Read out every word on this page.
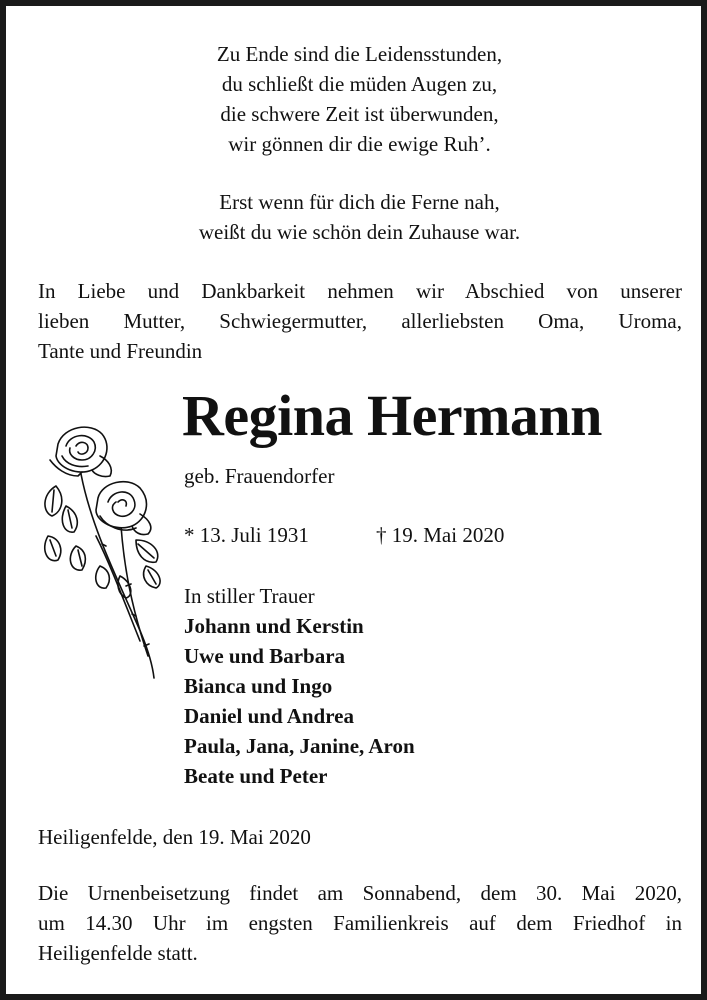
Zu Ende sind die Leidensstunden,
du schließt die müden Augen zu,
die schwere Zeit ist überwunden,
wir gönnen dir die ewige Ruh’.
Erst wenn für dich die Ferne nah,
weißt du wie schön dein Zuhause war.
In Liebe und Dankbarkeit nehmen wir Abschied von unserer
lieben Mutter, Schwiegermutter, allerliebsten Oma, Uroma,
Tante und Freundin
Regina Hermann
geb. Frauendorfer
* 13. Juli 1931	† 19. Mai 2020
In stiller Trauer
Johann und Kerstin
Uwe und Barbara
Bianca und Ingo
Daniel und Andrea
Paula, Jana, Janine, Aron
Beate und Peter
Heiligenfelde, den 19. Mai 2020
Die Urnenbeisetzung findet am Sonnabend, dem 30. Mai 2020,
um 14.30 Uhr im engsten Familienkreis auf dem Friedhof in
Heiligenfelde statt.
